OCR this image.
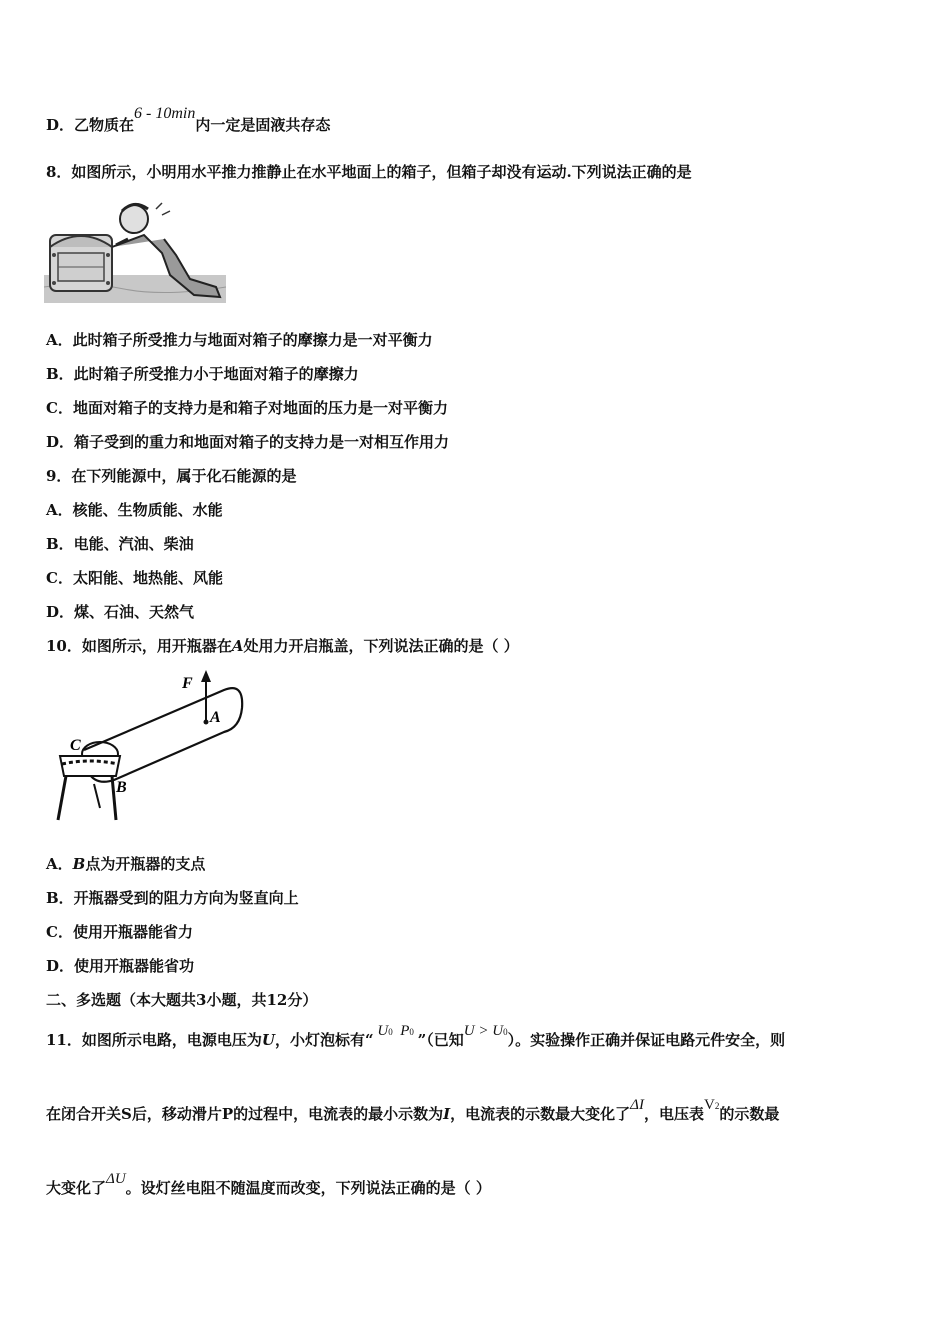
D．乙物质在6 - 10min内一定是固液共存态
8．如图所示，小明用水平推力推静止在水平地面上的箱子，但箱子却没有运动.下列说法正确的是
A．此时箱子所受推力与地面对箱子的摩擦力是一对平衡力
B．此时箱子所受推力小于地面对箱子的摩擦力
C．地面对箱子的支持力是和箱子对地面的压力是一对平衡力
D．箱子受到的重力和地面对箱子的支持力是一对相互作用力
9．在下列能源中，属于化石能源的是
A．核能、生物质能、水能
B．电能、汽油、柴油
C．太阳能、地热能、风能
D．煤、石油、天然气
10．如图所示，用开瓶器在A处用力开启瓶盖，下列说法正确的是（ ）
F
A
C
B
A．B点为开瓶器的支点
B．开瓶器受到的阻力方向为竖直向上
C．使用开瓶器能省力
D．使用开瓶器能省功
二、多选题（本大题共3小题，共12分）
11．如图所示电路，电源电压为U，小灯泡标有“ U0 P0 ”（已知U > U0）。实验操作正确并保证电路元件安全，则
在闭合开关S后，移动滑片P的过程中，电流表的最小示数为I，电流表的示数最大变化了ΔI，电压表V2的示数最
大变化了ΔU。设灯丝电阻不随温度而改变，下列说法正确的是（ ）
